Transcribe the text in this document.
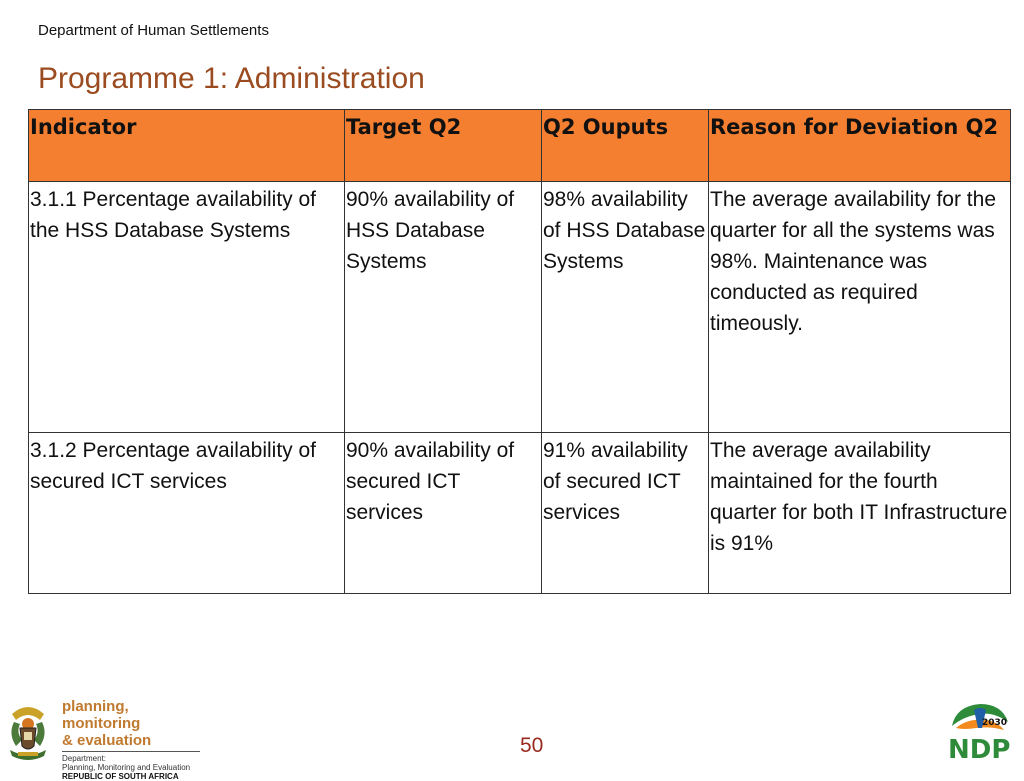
Department of Human Settlements
Programme 1: Administration
Indicator	Target Q2	Q2 Ouputs	Reason for Deviation Q2
3.1.1 Percentage availability of the HSS Database Systems	90% availability of HSS Database Systems	98% availability of HSS Database Systems	The average availability for the quarter for all the systems was 98%. Maintenance was conducted as required timeously.
3.1.2 Percentage availability of secured ICT services	90% availability of secured ICT services	91% availability of secured ICT services	The average availability maintained for the fourth quarter for both IT Infrastructure is 91%
planning, monitoring
& evaluation
Department:
Planning, Monitoring and Evaluation
REPUBLIC OF SOUTH AFRICA
50
2030
NDP
